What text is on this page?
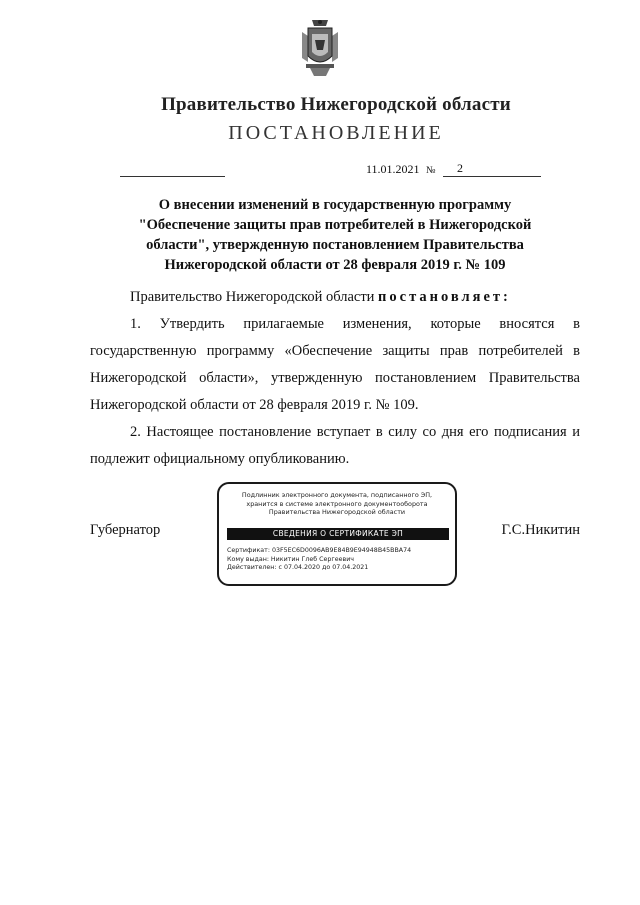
Правительство Нижегородской области
ПОСТАНОВЛЕНИЕ
11.01.2021 №	2
О внесении изменений в государственную программу
"Обеспечение защиты прав потребителей в Нижегородской
области", утвержденную постановлением Правительства
Нижегородской области от 28 февраля 2019 г. № 109

Правительство Нижегородской области постановляет:

1. Утвердить прилагаемые изменения, которые вносятся в государственную программу «Обеспечение защиты прав потребителей в Нижегородской области», утвержденную постановлением Правительства Нижегородской области от 28 февраля 2019 г. № 109.

2. Настоящее постановление вступает в силу со дня его подписания и подлежит официальному опубликованию.

Губернатор	Г.С.Никитин
Подлинник электронного документа, подписанного ЭП,
хранится в системе электронного документооборота
Правительства Нижегородской области
СВЕДЕНИЯ О СЕРТИФИКАТЕ ЭП
Сертификат: 03F5EC6D0096AB9E84B9E94948B45BBA74
Кому выдан: Никитин Глеб Сергеевич
Действителен: с 07.04.2020 до 07.04.2021
